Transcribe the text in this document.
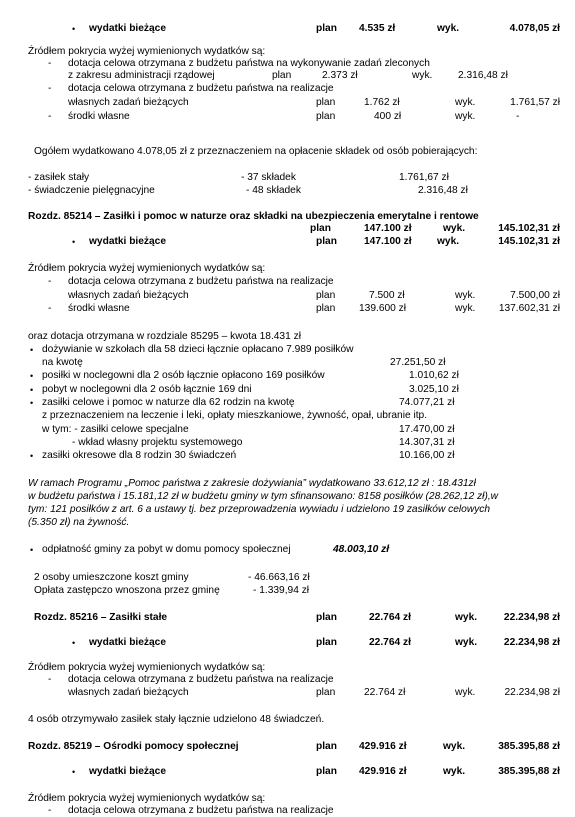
• wydatki bieżące	plan 4.535 zł	wyk.	4.078,05 zł
Źródłem pokrycia wyżej wymienionych wydatków są:
- dotacja celowa otrzymana z budżetu państwa na wykonywanie zadań zleconych
z zakresu administracji rządowej	plan	2.373 zł	wyk.	2.316,48 zł
- dotacja celowa otrzymana z budżetu państwa na realizacje
własnych zadań bieżących	plan	1.762 zł	wyk.	1.761,57 zł
- środki własne	plan	400 zł	wyk.	-
Ogółem wydatkowano 4.078,05 zł z przeznaczeniem na opłacenie składek od osób pobierających:
- zasiłek stały	- 37 składek	1.761,67 zł
- świadczenie pielęgnacyjne	- 48 składek	2.316,48 zł
Rozdz. 85214 – Zasiłki i pomoc w naturze oraz składki na ubezpieczenia emerytalne i rentowe
plan	147.100 zł	wyk.	145.102,31 zł
• wydatki bieżące	plan	147.100 zł wyk.	145.102,31 zł
Źródłem pokrycia wyżej wymienionych wydatków są:
- dotacja celowa otrzymana z budżetu państwa na realizacje
własnych zadań bieżących	plan	7.500 zł	wyk.	7.500,00 zł
- środki własne	plan 139.600 zł	wyk. 137.602,31 zł
oraz dotacja otrzymana w rozdziale 85295 – kwota 18.431 zł
• dożywianie w szkołach dla 58 dzieci łącznie opłacano 7.989 posiłków
na kwotę	27.251,50 zł
• posiłki w noclegowni dla 2 osób łącznie opłacono 169 posiłków	1.010,62 zł
• pobyt w noclegowni dla 2 osób łącznie 169 dni	3.025,10 zł
• zasiłki celowe i pomoc w naturze dla 62 rodzin na kwotę	74.077,21 zł
z przeznaczeniem na leczenie i leki, opłaty mieszkaniowe, żywność, opał, ubranie itp.
w tym: - zasiłki celowe specjalne	17.470,00 zł
- wkład własny projektu systemowego	14.307,31 zł
• zasiłki okresowe dla 8 rodzin 30 świadczeń	10.166,00 zł
W ramach Programu „Pomoc państwa z zakresie dożywiania” wydatkowano 33.612,12 zł : 18.431zł
w budżetu państwa i 15.181,12 zł w budżetu gminy w tym sfinansowano: 8158 posiłków (28.262,12 zł),w
tym: 121 posiłków z art. 6 a ustawy tj. bez przeprowadzenia wywiadu i udzielono 19 zasiłków celowych
(5.350 zł) na żywność.
• odpłatność gminy za pobyt w domu pomocy społecznej	48.003,10 zł
2 osoby umieszczone koszt gminy	- 46.663,16 zł
Opłata zastępczo wnoszona przez gminę	- 1.339,94 zł
Rozdz. 85216 – Zasiłki stałe	plan	22.764 zł	wyk.	22.234,98 zł
• wydatki bieżące	plan	22.764 zł	wyk.	22.234,98 zł
Źródłem pokrycia wyżej wymienionych wydatków są:
- dotacja celowa otrzymana z budżetu państwa na realizacje
własnych zadań bieżących	plan	22.764 zł	wyk.	22.234,98 zł
4 osób otrzymywało zasiłek stały łącznie udzielono 48 świadczeń.
Rozdz. 85219 – Ośrodki pomocy społecznej	plan 429.916 zł	wyk.	385.395,88 zł
• wydatki bieżące	plan 429.916 zł	wyk.	385.395,88 zł
Źródłem pokrycia wyżej wymienionych wydatków są:
- dotacja celowa otrzymana z budżetu państwa na realizacje
